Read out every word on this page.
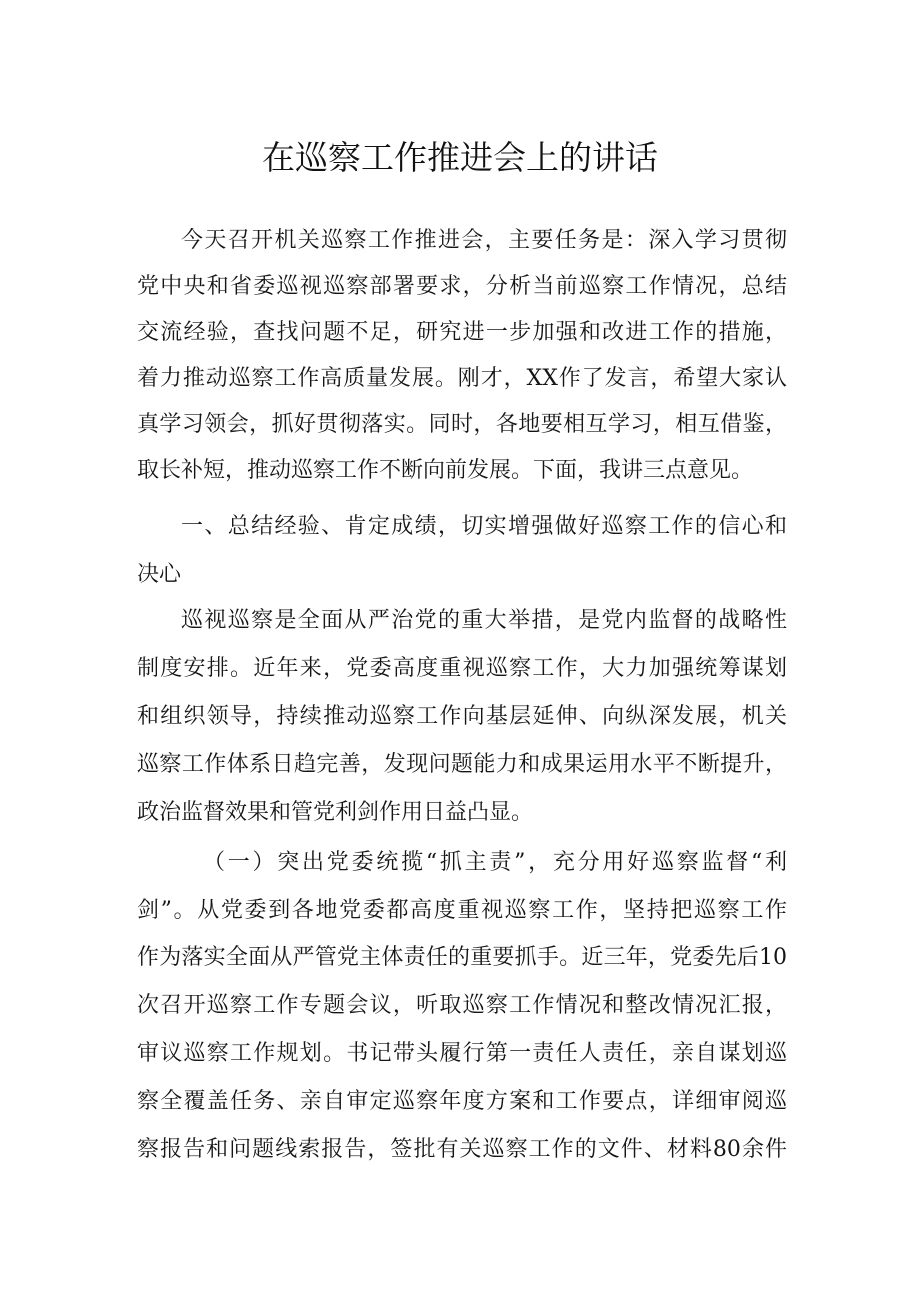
在巡察工作推进会上的讲话
今天召开机关巡察工作推进会，主要任务是：深入学习贯彻
党中央和省委巡视巡察部署要求，分析当前巡察工作情况，总结
交流经验，查找问题不足，研究进一步加强和改进工作的措施，
着力推动巡察工作高质量发展。刚才，XX作了发言，希望大家认
真学习领会，抓好贯彻落实。同时，各地要相互学习，相互借鉴，
取长补短，推动巡察工作不断向前发展。下面，我讲三点意见。
一、总结经验、肯定成绩，切实增强做好巡察工作的信心和
决心
巡视巡察是全面从严治党的重大举措，是党内监督的战略性
制度安排。近年来，党委高度重视巡察工作，大力加强统筹谋划
和组织领导，持续推动巡察工作向基层延伸、向纵深发展，机关
巡察工作体系日趋完善，发现问题能力和成果运用水平不断提升，
政治监督效果和管党利剑作用日益凸显。
（一）突出党委统揽“抓主责”，充分用好巡察监督“利
剑”。从党委到各地党委都高度重视巡察工作，坚持把巡察工作
作为落实全面从严管党主体责任的重要抓手。近三年，党委先后10
次召开巡察工作专题会议，听取巡察工作情况和整改情况汇报，
审议巡察工作规划。书记带头履行第一责任人责任，亲自谋划巡
察全覆盖任务、亲自审定巡察年度方案和工作要点，详细审阅巡
察报告和问题线索报告，签批有关巡察工作的文件、材料80余件
